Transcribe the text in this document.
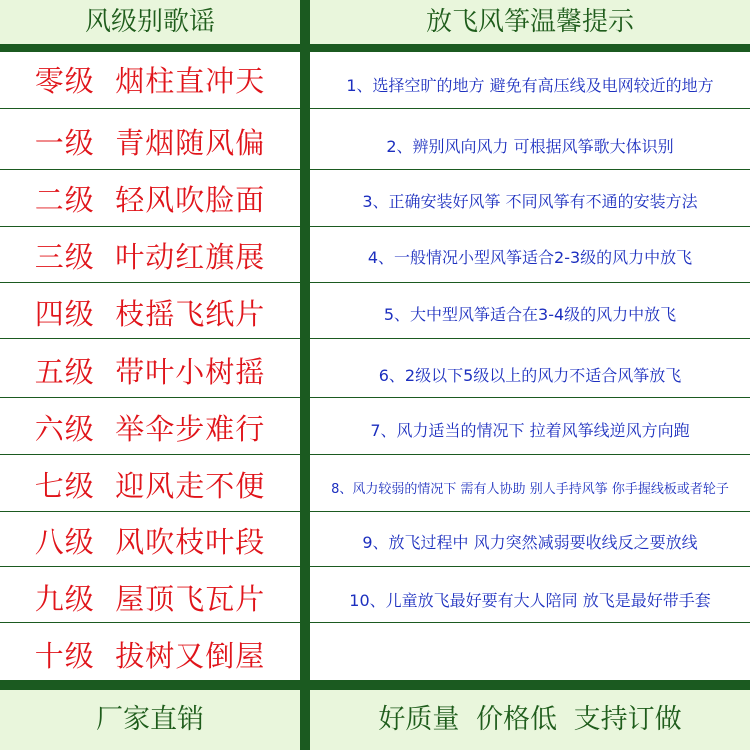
风级别歌谣	放飞风筝温馨提示
零级 烟柱直冲天
一级 青烟随风偏
二级 轻风吹脸面
三级 叶动红旗展
四级 枝摇飞纸片
五级 带叶小树摇
六级 举伞步难行
七级 迎风走不便
八级 风吹枝叶段
九级 屋顶飞瓦片
十级 拔树又倒屋
1、选择空旷的地方 避免有高压线及电网较近的地方
2、辨别风向风力 可根据风筝歌大体识别
3、正确安装好风筝 不同风筝有不通的安装方法
4、一般情况小型风筝适合2-3级的风力中放飞
5、大中型风筝适合在3-4级的风力中放飞
6、2级以下5级以上的风力不适合风筝放飞
7、风力适当的情况下 拉着风筝线逆风方向跑
8、风力较弱的情况下 需有人协助 别人手持风筝 你手握线板或者轮子
9、放飞过程中 风力突然减弱要收线反之要放线
10、儿童放飞最好要有大人陪同 放飞是最好带手套
厂家直销	好质量 价格低 支持订做
